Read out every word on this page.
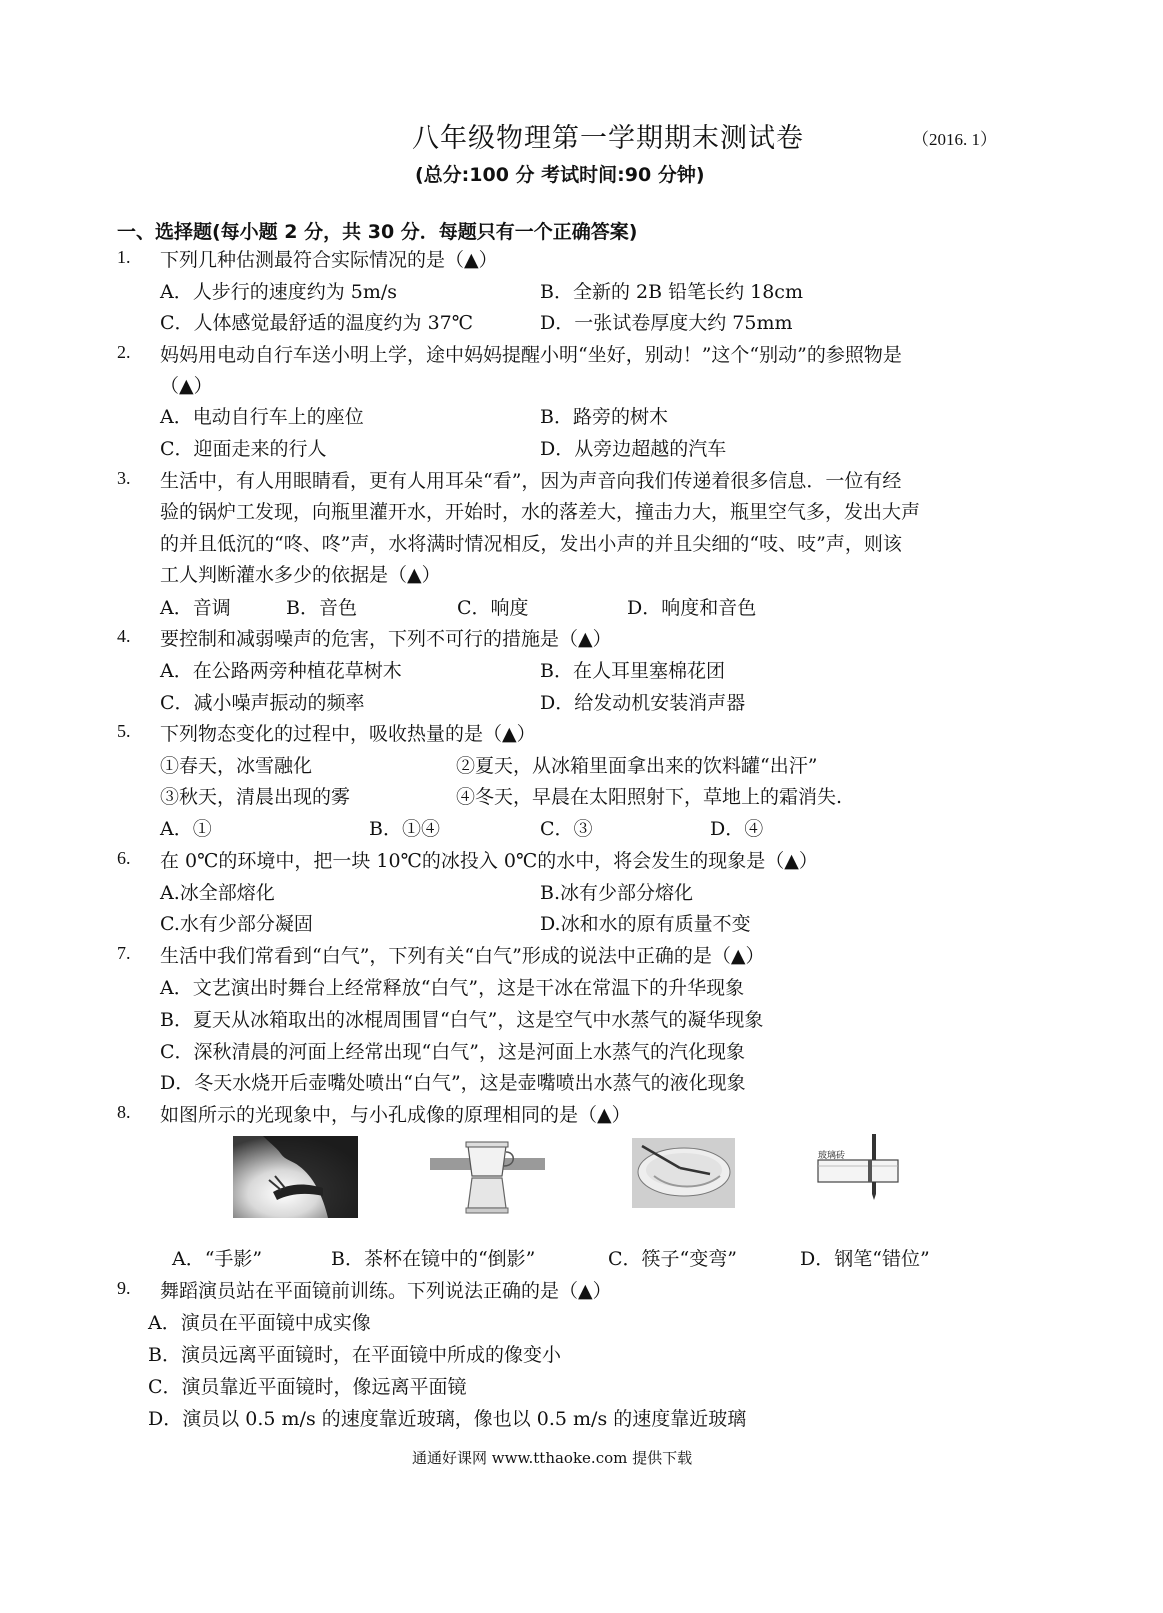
八年级物理第一学期期末测试卷	（2016. 1）
(总分:100 分 考试时间:90 分钟)
一、选择题(每小题 2 分，共 30 分．每题只有一个正确答案)
1. 下列几种估测最符合实际情况的是（▲）
A．人步行的速度约为 5m/s	B．全新的 2B 铅笔长约 18cm
C．人体感觉最舒适的温度约为 37℃	D．一张试卷厚度大约 75mm
2. 妈妈用电动自行车送小明上学，途中妈妈提醒小明“坐好，别动！”这个“别动”的参照物是
（▲）
A．电动自行车上的座位	B．路旁的树木
C．迎面走来的行人	D．从旁边超越的汽车
3. 生活中，有人用眼睛看，更有人用耳朵“看”，因为声音向我们传递着很多信息．一位有经
验的锅炉工发现，向瓶里灌开水，开始时，水的落差大，撞击力大，瓶里空气多，发出大声
的并且低沉的“咚、咚”声，水将满时情况相反，发出小声的并且尖细的“吱、吱”声，则该
工人判断灌水多少的依据是（▲）
A．音调	B．音色	C．响度	D．响度和音色
4. 要控制和减弱噪声的危害，下列不可行的措施是（▲）
A．在公路两旁种植花草树木	B．在人耳里塞棉花团
C．减小噪声振动的频率	D．给发动机安装消声器
5. 下列物态变化的过程中，吸收热量的是（▲）
①春天，冰雪融化	②夏天，从冰箱里面拿出来的饮料罐“出汗”
③秋天，清晨出现的雾	④冬天，早晨在太阳照射下，草地上的霜消失.
A．①	B．①④	C．③	D．④
6. 在 0℃的环境中，把一块 10℃的冰投入 0℃的水中，将会发生的现象是（▲）
A.冰全部熔化	B.冰有少部分熔化
C.水有少部分凝固	D.冰和水的原有质量不变
7. 生活中我们常看到“白气”，下列有关“白气”形成的说法中正确的是（▲）
A．文艺演出时舞台上经常释放“白气”，这是干冰在常温下的升华现象
B．夏天从冰箱取出的冰棍周围冒“白气”，这是空气中水蒸气的凝华现象
C．深秋清晨的河面上经常出现“白气”，这是河面上水蒸气的汽化现象
D．冬天水烧开后壶嘴处喷出“白气”，这是壶嘴喷出水蒸气的液化现象
8. 如图所示的光现象中，与小孔成像的原理相同的是（▲）
玻璃砖
A．“手影”	B．茶杯在镜中的“倒影”	C．筷子“变弯”	D．钢笔“错位”
9. 舞蹈演员站在平面镜前训练。下列说法正确的是（▲）
A．演员在平面镜中成实像
B．演员远离平面镜时，在平面镜中所成的像变小
C．演员靠近平面镜时，像远离平面镜
D．演员以 0.5 m/s 的速度靠近玻璃，像也以 0.5 m/s 的速度靠近玻璃
通通好课网 www.tthaoke.com 提供下载
